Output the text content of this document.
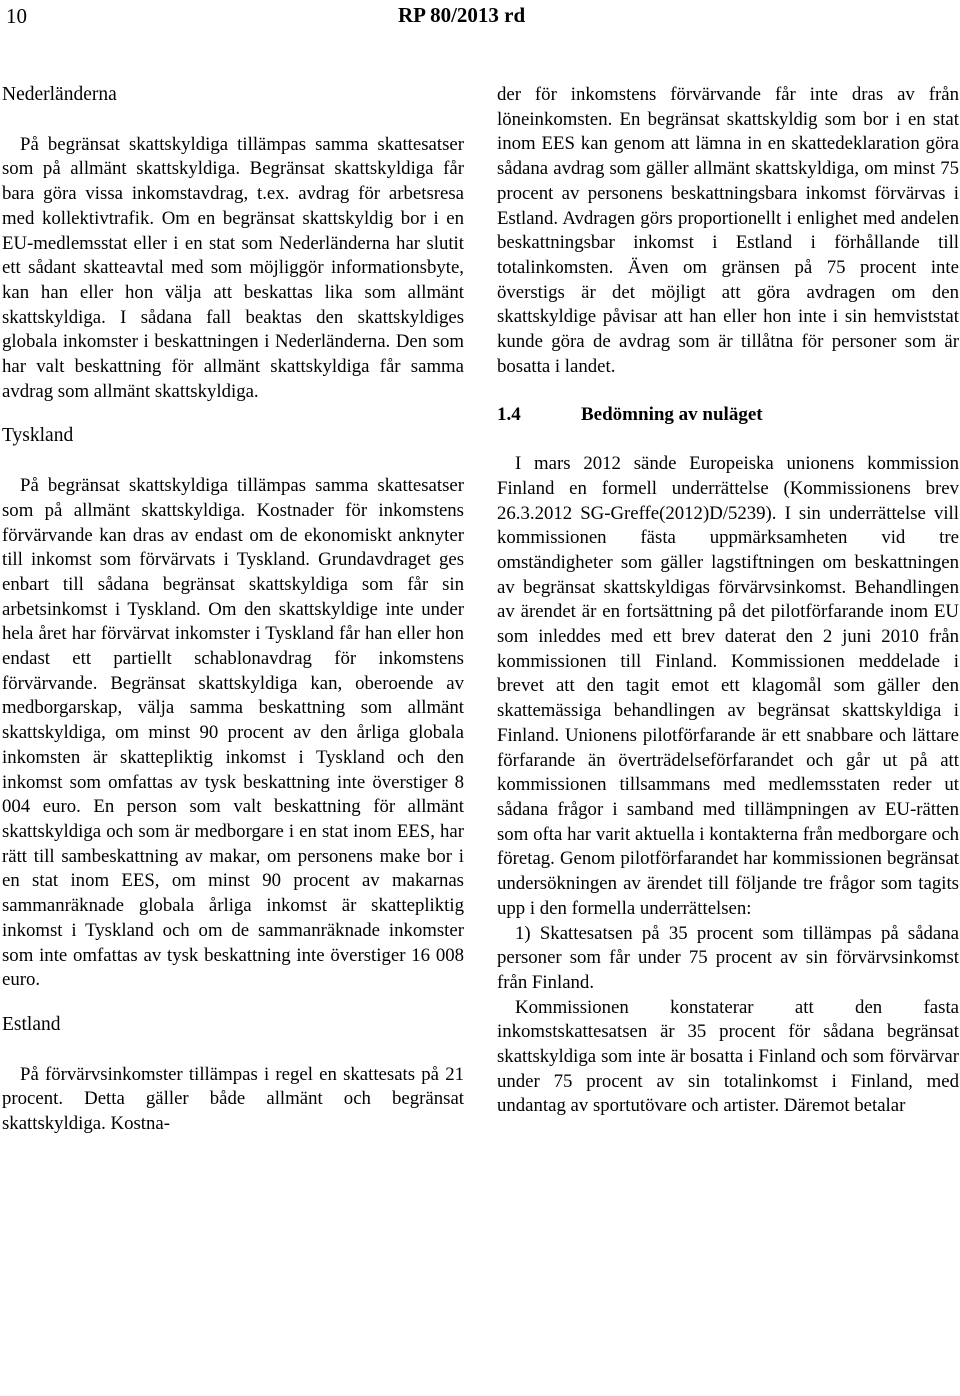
10	RP 80/2013 rd

Nederländerna

På begränsat skattskyldiga tillämpas samma skattesatser som på allmänt skattskyldiga. Begränsat skattskyldiga får bara göra vissa inkomstavdrag, t.ex. avdrag för arbetsresa med kollektivtrafik. Om en begränsat skattskyldig bor i en EU-medlemsstat eller i en stat som Nederländerna har slutit ett sådant skatteavtal med som möjliggör informationsbyte, kan han eller hon välja att beskattas lika som allmänt skattskyldiga. I sådana fall beaktas den skattskyldiges globala inkomster i beskattningen i Nederländerna. Den som har valt beskattning för allmänt skattskyldiga får samma avdrag som allmänt skattskyldiga.

Tyskland

På begränsat skattskyldiga tillämpas samma skattesatser som på allmänt skattskyldiga. Kostnader för inkomstens förvärvande kan dras av endast om de ekonomiskt anknyter till inkomst som förvärvats i Tyskland. Grundavdraget ges enbart till sådana begränsat skattskyldiga som får sin arbetsinkomst i Tyskland. Om den skattskyldige inte under hela året har förvärvat inkomster i Tyskland får han eller hon endast ett partiellt schablonavdrag för inkomstens förvärvande. Begränsat skattskyldiga kan, oberoende av medborgarskap, välja samma beskattning som allmänt skattskyldiga, om minst 90 procent av den årliga globala inkomsten är skattepliktig inkomst i Tyskland och den inkomst som omfattas av tysk beskattning inte överstiger 8 004 euro. En person som valt beskattning för allmänt skattskyldiga och som är medborgare i en stat inom EES, har rätt till sambeskattning av makar, om personens make bor i en stat inom EES, om minst 90 procent av makarnas sammanräknade globala årliga inkomst är skattepliktig inkomst i Tyskland och om de sammanräknade inkomster som inte omfattas av tysk beskattning inte överstiger 16 008 euro.

Estland

På förvärvsinkomster tillämpas i regel en skattesats på 21 procent. Detta gäller både allmänt och begränsat skattskyldiga. Kostna-

der för inkomstens förvärvande får inte dras av från löneinkomsten. En begränsat skattskyldig som bor i en stat inom EES kan genom att lämna in en skattedeklaration göra sådana avdrag som gäller allmänt skattskyldiga, om minst 75 procent av personens beskattningsbara inkomst förvärvas i Estland. Avdragen görs proportionellt i enlighet med andelen beskattningsbar inkomst i Estland i förhållande till totalinkomsten. Även om gränsen på 75 procent inte överstigs är det möjligt att göra avdragen om den skattskyldige påvisar att han eller hon inte i sin hemviststat kunde göra de avdrag som är tillåtna för personer som är bosatta i landet.

1.4	Bedömning av nuläget

I mars 2012 sände Europeiska unionens kommission Finland en formell underrättelse (Kommissionens brev 26.3.2012 SG-Greffe(2012)D/5239). I sin underrättelse vill kommissionen fästa uppmärksamheten vid tre omständigheter som gäller lagstiftningen om beskattningen av begränsat skattskyldigas förvärvsinkomst. Behandlingen av ärendet är en fortsättning på det pilotförfarande inom EU som inleddes med ett brev daterat den 2 juni 2010 från kommissionen till Finland. Kommissionen meddelade i brevet att den tagit emot ett klagomål som gäller den skattemässiga behandlingen av begränsat skattskyldiga i Finland. Unionens pilotförfarande är ett snabbare och lättare förfarande än överträdelseförfarandet och går ut på att kommissionen tillsammans med medlemsstaten reder ut sådana frågor i samband med tillämpningen av EU-rätten som ofta har varit aktuella i kontakterna från medborgare och företag. Genom pilotförfarandet har kommissionen begränsat undersökningen av ärendet till följande tre frågor som tagits upp i den formella underrättelsen:

1) Skattesatsen på 35 procent som tillämpas på sådana personer som får under 75 procent av sin förvärvsinkomst från Finland.

Kommissionen konstaterar att den fasta inkomstskattesatsen är 35 procent för sådana begränsat skattskyldiga som inte är bosatta i Finland och som förvärvar under 75 procent av sin totalinkomst i Finland, med undantag av sportutövare och artister. Däremot betalar
